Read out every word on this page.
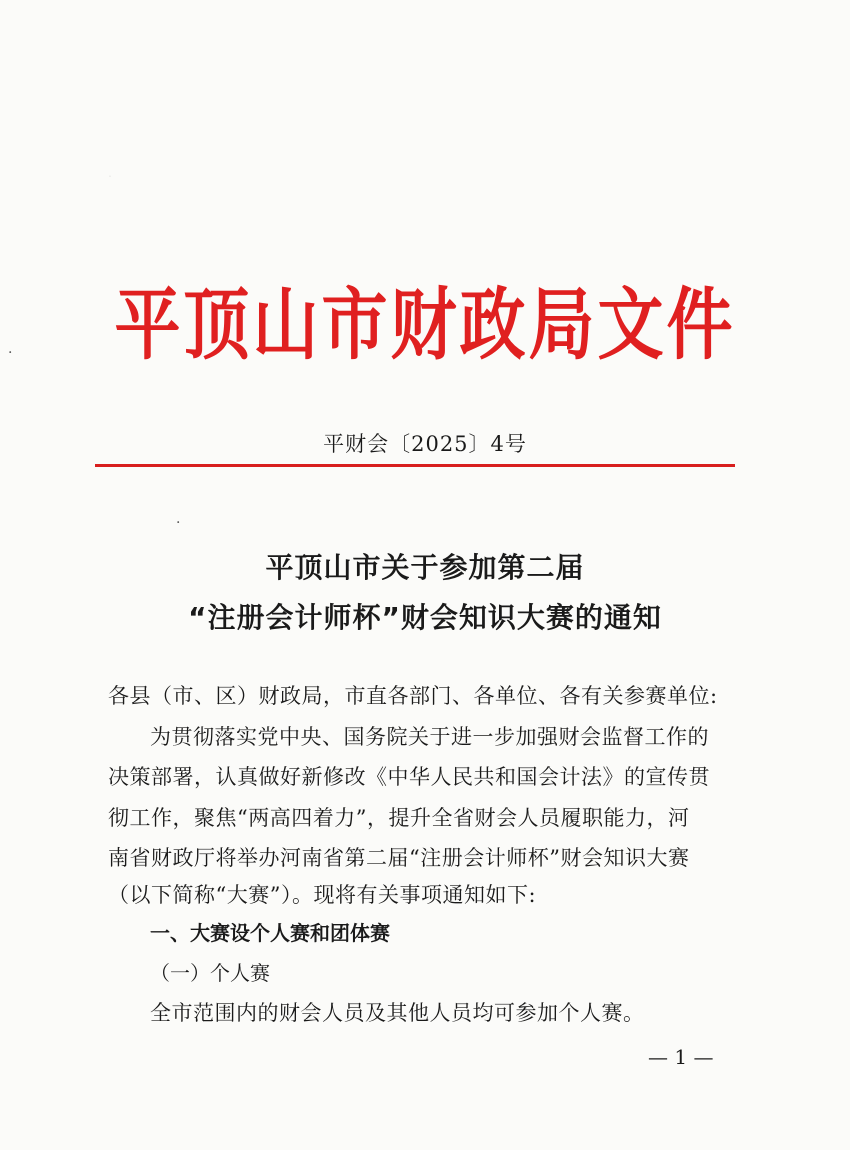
ׅ　　　　　　　　　　　　　　　　　　　　　　　
·
·
平顶山市财政局文件
平财会〔2025〕4号
平顶山市关于参加第二届
“注册会计师杯”财会知识大赛的通知
各县（市、区）财政局，市直各部门、各单位、各有关参赛单位:
为贯彻落实党中央、国务院关于进一步加强财会监督工作的
决策部署，认真做好新修改《中华人民共和国会计法》的宣传贯
彻工作，聚焦“两高四着力”，提升全省财会人员履职能力，河
南省财政厅将举办河南省第二届“注册会计师杯”财会知识大赛
（以下简称“大赛”）。现将有关事项通知如下:
一、大赛设个人赛和团体赛
（一）个人赛
全市范围内的财会人员及其他人员均可参加个人赛。
— 1 —
